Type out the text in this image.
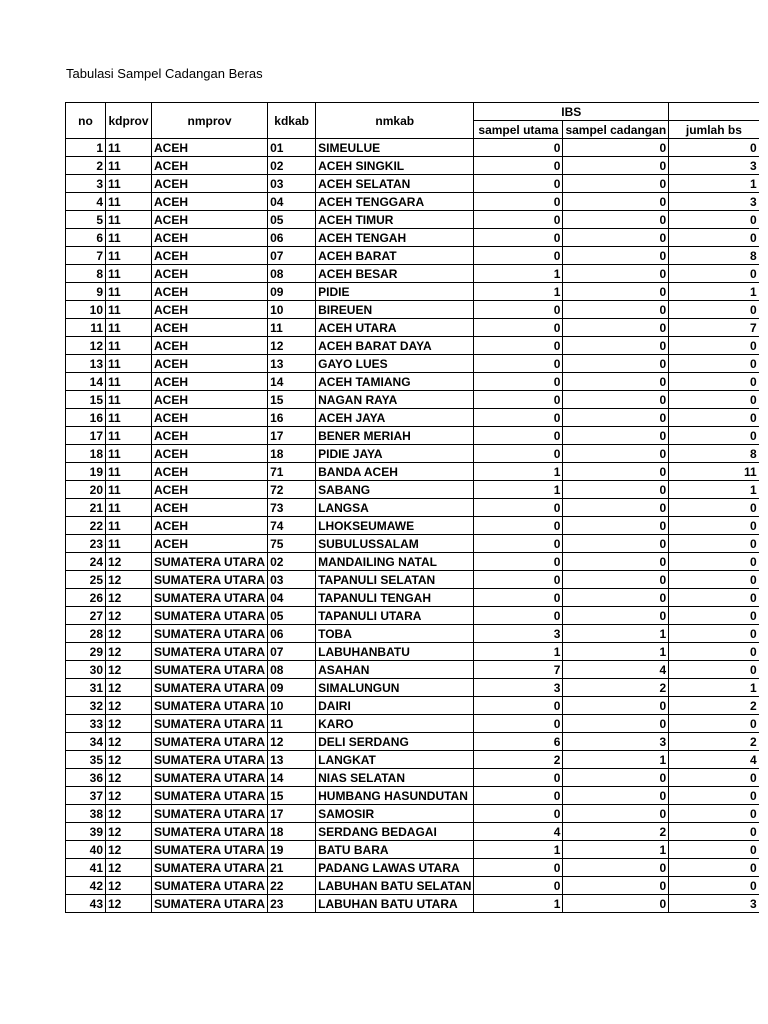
Tabulasi Sampel Cadangan Beras
no	kdprov	nmprov	kdkab	nmkab	IBS		
					sampel utama	sampel cadangan	jumlah bs
1	11	ACEH	01	SIMEULUE	0	0	0
2	11	ACEH	02	ACEH SINGKIL	0	0	3
3	11	ACEH	03	ACEH SELATAN	0	0	1
4	11	ACEH	04	ACEH TENGGARA	0	0	3
5	11	ACEH	05	ACEH TIMUR	0	0	0
6	11	ACEH	06	ACEH TENGAH	0	0	0
7	11	ACEH	07	ACEH BARAT	0	0	8
8	11	ACEH	08	ACEH BESAR	1	0	0
9	11	ACEH	09	PIDIE	1	0	1
10	11	ACEH	10	BIREUEN	0	0	0
11	11	ACEH	11	ACEH UTARA	0	0	7
12	11	ACEH	12	ACEH BARAT DAYA	0	0	0
13	11	ACEH	13	GAYO LUES	0	0	0
14	11	ACEH	14	ACEH TAMIANG	0	0	0
15	11	ACEH	15	NAGAN RAYA	0	0	0
16	11	ACEH	16	ACEH JAYA	0	0	0
17	11	ACEH	17	BENER MERIAH	0	0	0
18	11	ACEH	18	PIDIE JAYA	0	0	8
19	11	ACEH	71	BANDA ACEH	1	0	11
20	11	ACEH	72	SABANG	1	0	1
21	11	ACEH	73	LANGSA	0	0	0
22	11	ACEH	74	LHOKSEUMAWE	0	0	0
23	11	ACEH	75	SUBULUSSALAM	0	0	0
24	12	SUMATERA UTARA	02	MANDAILING NATAL	0	0	0
25	12	SUMATERA UTARA	03	TAPANULI SELATAN	0	0	0
26	12	SUMATERA UTARA	04	TAPANULI TENGAH	0	0	0
27	12	SUMATERA UTARA	05	TAPANULI UTARA	0	0	0
28	12	SUMATERA UTARA	06	TOBA	3	1	0
29	12	SUMATERA UTARA	07	LABUHANBATU	1	1	0
30	12	SUMATERA UTARA	08	ASAHAN	7	4	0
31	12	SUMATERA UTARA	09	SIMALUNGUN	3	2	1
32	12	SUMATERA UTARA	10	DAIRI	0	0	2
33	12	SUMATERA UTARA	11	KARO	0	0	0
34	12	SUMATERA UTARA	12	DELI SERDANG	6	3	2
35	12	SUMATERA UTARA	13	LANGKAT	2	1	4
36	12	SUMATERA UTARA	14	NIAS SELATAN	0	0	0
37	12	SUMATERA UTARA	15	HUMBANG HASUNDUTAN	0	0	0
38	12	SUMATERA UTARA	17	SAMOSIR	0	0	0
39	12	SUMATERA UTARA	18	SERDANG BEDAGAI	4	2	0
40	12	SUMATERA UTARA	19	BATU BARA	1	1	0
41	12	SUMATERA UTARA	21	PADANG LAWAS UTARA	0	0	0
42	12	SUMATERA UTARA	22	LABUHAN BATU SELATAN	0	0	0
43	12	SUMATERA UTARA	23	LABUHAN BATU UTARA	1	0	3
